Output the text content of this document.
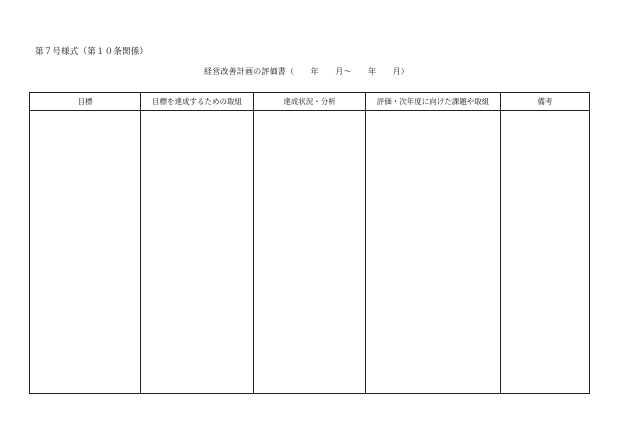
第７号様式（第１０条関係）
経営改善計画の評価書（　　年　　月～　　年　　月）
目標	目標を達成するための取組	達成状況・分析	評価・次年度に向けた課題や取組	備考
